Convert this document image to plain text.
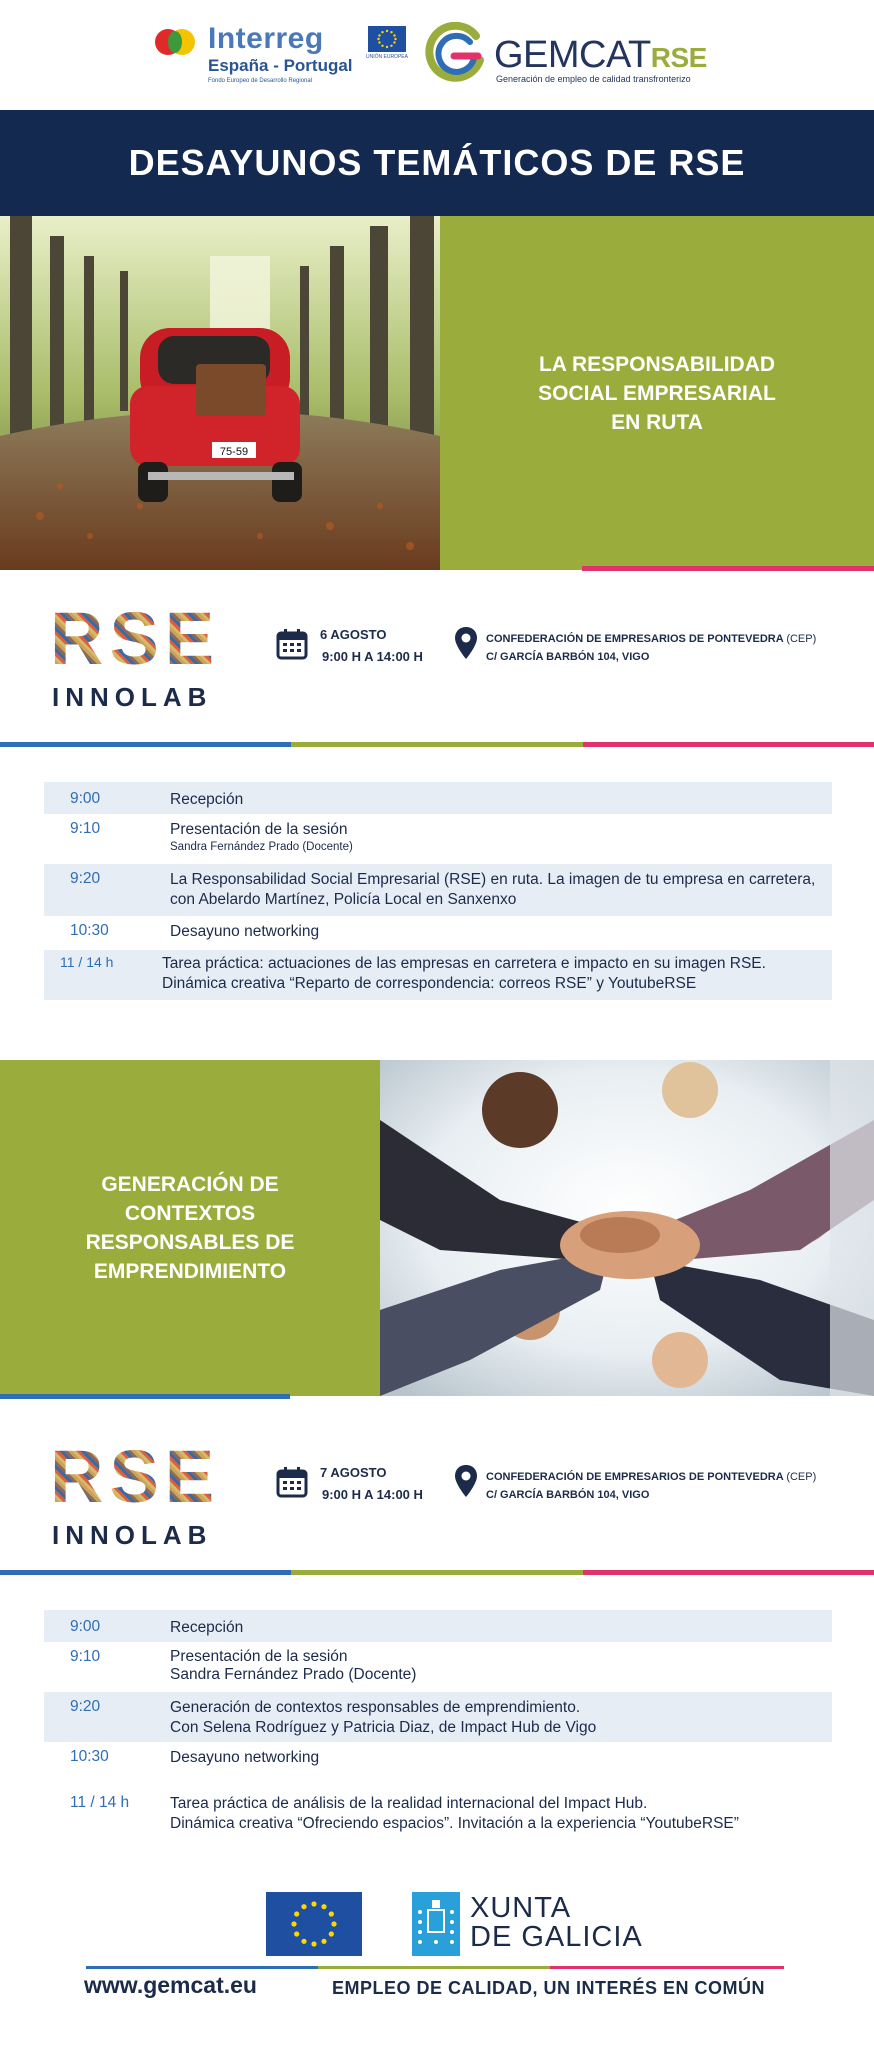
Interreg
España - Portugal
Fondo Europeo de Desarrollo Regional
UNIÓN EUROPEA GEMCATRSE
Generación de empleo de calidad transfronterizo
DESAYUNOS TEMÁTICOS DE RSE
75-59
LA RESPONSABILIDAD
SOCIAL EMPRESARIAL
EN RUTA
RSE
INNOLAB
6 AGOSTO
9:00 H A 14:00 H
CONFEDERACIÓN DE EMPRESARIOS DE PONTEVEDRA (CEP)
C/ GARCÍA BARBÓN 104, VIGO
9:00	Recepción
9:10	Presentación de la sesión
Sandra Fernández Prado (Docente)
9:20	La Responsabilidad Social Empresarial (RSE) en ruta. La imagen de tu empresa en carretera, con Abelardo Martínez, Policía Local en Sanxenxo
10:30	Desayuno networking
11 / 14 h	Tarea práctica: actuaciones de las empresas en carretera e impacto en su imagen RSE. Dinámica creativa “Reparto de correspondencia: correos RSE” y YoutubeRSE
GENERACIÓN DE
CONTEXTOS
RESPONSABLES DE
EMPRENDIMIENTO
RSE
INNOLAB
7 AGOSTO
9:00 H A 14:00 H
CONFEDERACIÓN DE EMPRESARIOS DE PONTEVEDRA (CEP)
C/ GARCÍA BARBÓN 104, VIGO
9:00	Recepción
9:10	Presentación de la sesión
Sandra Fernández Prado (Docente)
9:20	Generación de contextos responsables de emprendimiento.
Con Selena Rodríguez y Patricia Diaz, de Impact Hub de Vigo
10:30	Desayuno networking
11 / 14 h	Tarea práctica de análisis de la realidad internacional del Impact Hub.
Dinámica creativa “Ofreciendo espacios”. Invitación a la experiencia “YoutubeRSE”
XUNTA
DE GALICIA
www.gemcat.eu	EMPLEO DE CALIDAD, UN INTERÉS EN COMÚN
